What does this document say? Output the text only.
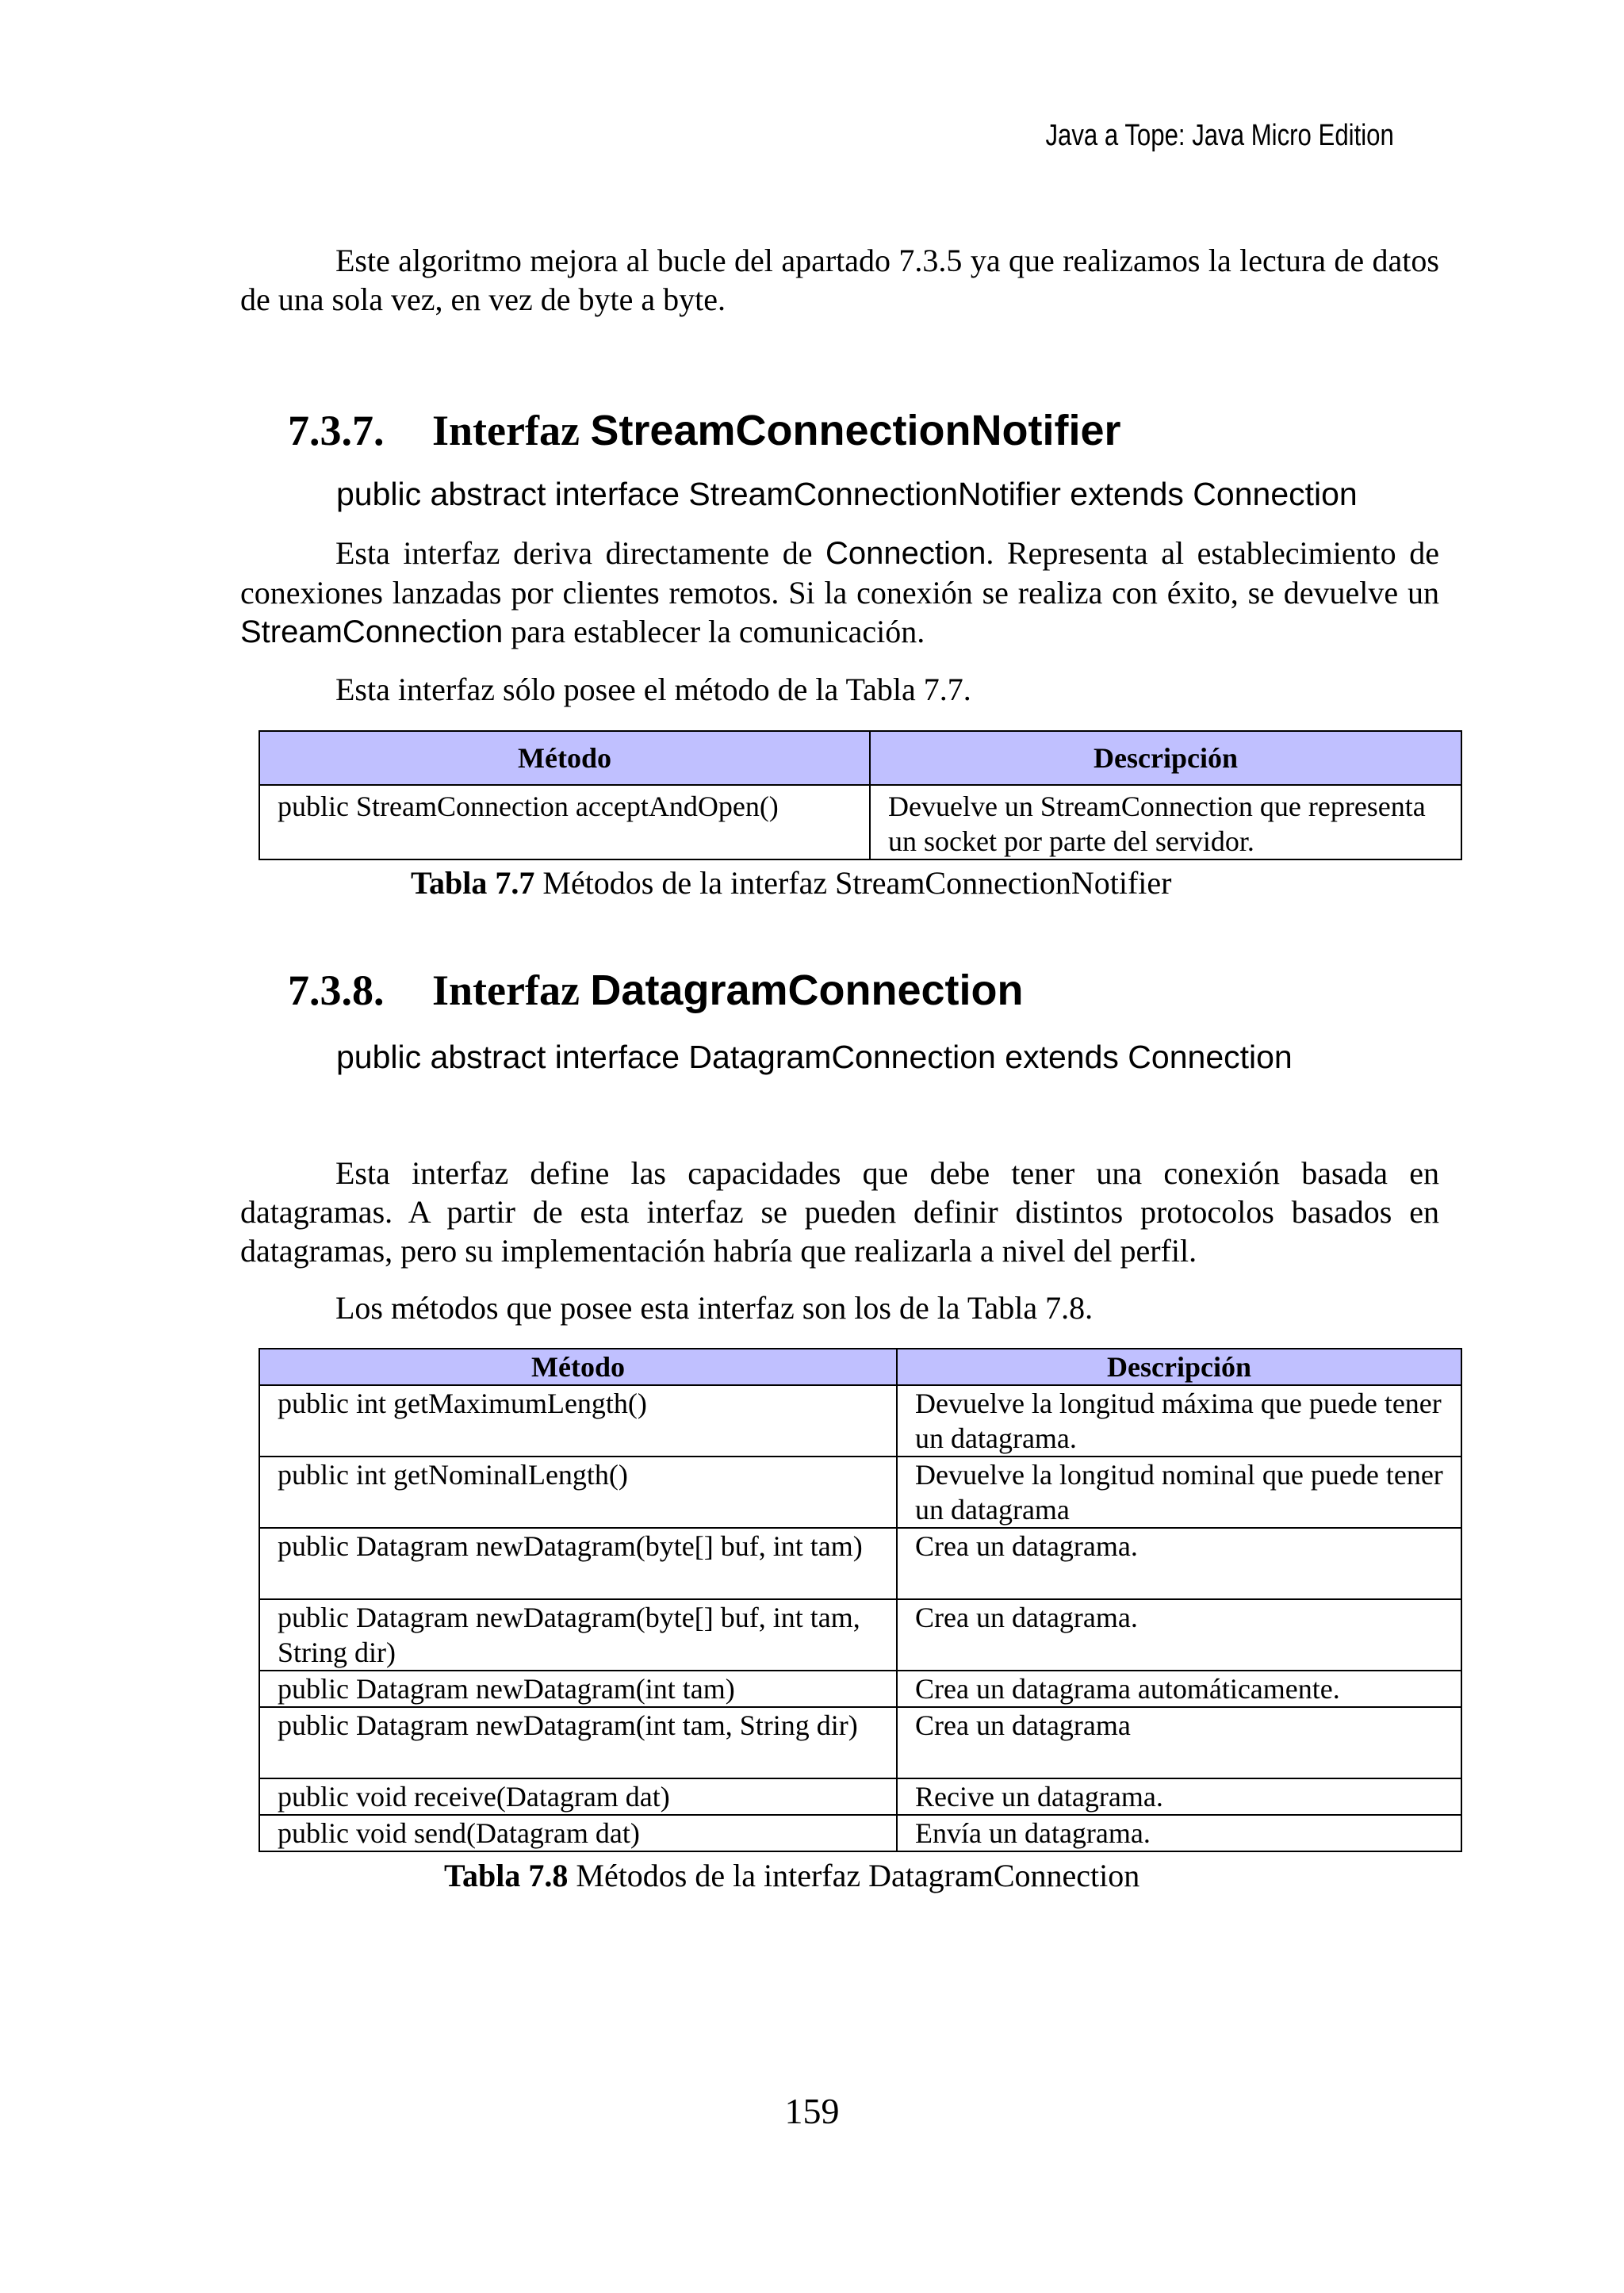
Java a Tope: Java Micro Edition
Este algoritmo mejora al bucle del apartado 7.3.5 ya que realizamos la lectura de datos de una sola vez, en vez de byte a byte.
7.3.7. Interfaz StreamConnectionNotifier
public abstract interface StreamConnectionNotifier extends Connection
Esta interfaz deriva directamente de Connection. Representa al establecimiento de conexiones lanzadas por clientes remotos. Si la conexión se realiza con éxito, se devuelve un StreamConnection para establecer la comunicación.
Esta interfaz sólo posee el método de la Tabla 7.7.
Método	Descripción
public StreamConnection acceptAndOpen()	Devuelve un StreamConnection que representa un socket por parte del servidor.
Tabla 7.7 Métodos de la interfaz StreamConnectionNotifier
7.3.8. Interfaz DatagramConnection
public abstract interface DatagramConnection extends Connection
Esta interfaz define las capacidades que debe tener una conexión basada en datagramas. A partir de esta interfaz se pueden definir distintos protocolos basados en datagramas, pero su implementación habría que realizarla a nivel del perfil.
Los métodos que posee esta interfaz son los de la Tabla 7.8.
Método	Descripción
public int getMaximumLength()	Devuelve la longitud máxima que puede tener un datagrama.
public int getNominalLength()	Devuelve la longitud nominal que puede tener un datagrama
public Datagram newDatagram(byte[] buf, int tam)	Crea un datagrama.
public Datagram newDatagram(byte[] buf, int tam, String dir)	Crea un datagrama.
public Datagram newDatagram(int tam)	Crea un datagrama automáticamente.
public Datagram newDatagram(int tam, String dir)	Crea un datagrama
public void receive(Datagram dat)	Recive un datagrama.
public void send(Datagram dat)	Envía un datagrama.
Tabla 7.8 Métodos de la interfaz DatagramConnection
159
